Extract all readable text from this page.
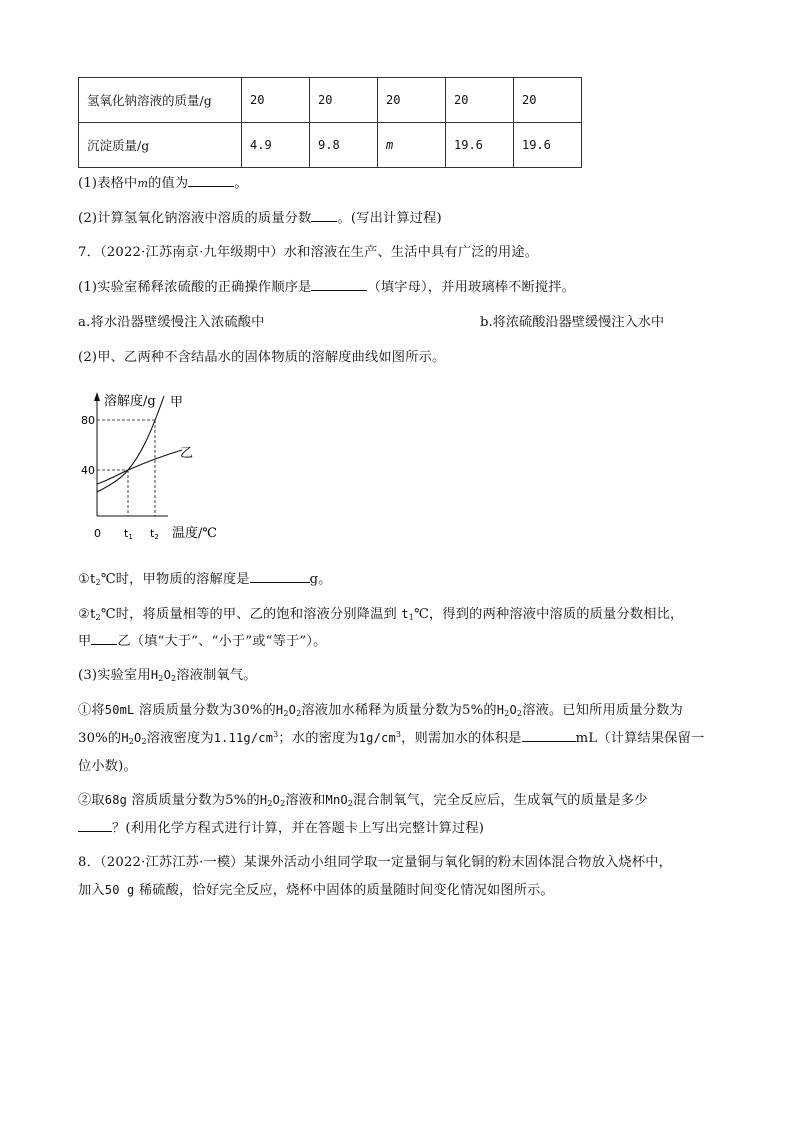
氢氧化钠溶液的质量/g	20	20	20	20	20
沉淀质量/g	4.9	9.8	m	19.6	19.6
(1)表格中m的值为	。
(2)计算氢氧化钠溶液中溶质的质量分数 。(写出计算过程)
7．（2022·江苏南京·九年级期中）水和溶液在生产、生活中具有广泛的用途。
(1)实验室稀释浓硫酸的正确操作顺序是	（填字母），并用玻璃棒不断搅拌。
a.将水沿器壁缓慢注入浓硫酸中	b.将浓硫酸沿器壁缓慢注入水中
(2)甲、乙两种不含结晶水的固体物质的溶解度曲线如图所示。
溶解度/g 甲
乙
80
40
0 t1 t2 温度/℃
$①t_2℃$时，甲物质的溶解度是	g。
$②t_2℃$时，将质量相等的甲、乙的饱和溶液分别降温到 $t_1℃$，得到的两种溶液中溶质的质量分数相比，
甲 乙（填“大于”、“小于”或“等于”）。
(3)实验室用$H_2O_2$溶液制氧气。
①将50mL 溶质质量分数为30%的$H_2O_2$溶液加水稀释为质量分数为5%的$H_2O_2$溶液。已知所用质量分数为
30%的$H_2O_2$溶液密度为$1.11g/cm^3$；水的密度为$1g/cm^3$，则需加水的体积是	mL（计算结果保留一
位小数)。
②取68g 溶质质量分数为5%的$H_2O_2$溶液和MnO$_2$混合制氧气，完全反应后，生成氧气的质量是多少
？(利用化学方程式进行计算，并在答题卡上写出完整计算过程)
8．（2022·江苏江苏·一模）某课外活动小组同学取一定量铜与氧化铜的粉末固体混合物放入烧杯中，
加入50 g 稀硫酸，恰好完全反应，烧杯中固体的质量随时间变化情况如图所示。
